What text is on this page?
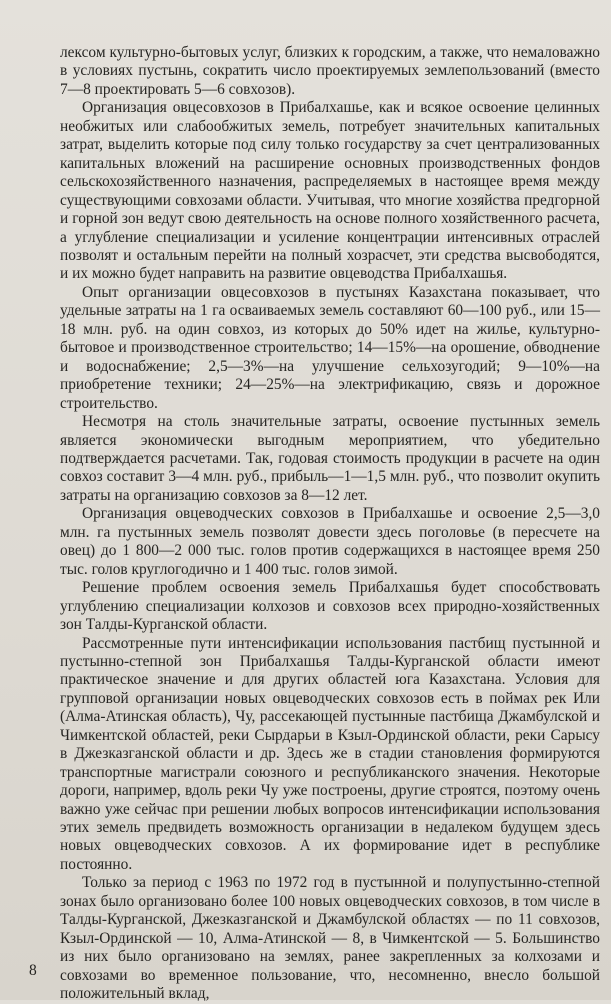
лексом культурно-бытовых услуг, близких к городским, а также, что немаловажно в условиях пустынь, сократить число проектируемых землепользований (вместо 7—8 проектировать 5—6 совхозов).

Организация овцесовхозов в Прибалхашье, как и всякое освоение целинных необжитых или слабообжитых земель, потребует значительных капитальных затрат, выделить которые под силу только государству за счет централизованных капитальных вложений на расширение основных производственных фондов сельскохозяйственного назначения, распределяемых в настоящее время между существующими совхозами области. Учитывая, что многие хозяйства предгорной и горной зон ведут свою деятельность на основе полного хозяйственного расчета, а углубление специализации и усиление концентрации интенсивных отраслей позволят и остальным перейти на полный хозрасчет, эти средства высвободятся, и их можно будет направить на развитие овцеводства Прибалхашья.

Опыт организации овцесовхозов в пустынях Казахстана показывает, что удельные затраты на 1 га осваиваемых земель составляют 60—100 руб., или 15—18 млн. руб. на один совхоз, из которых до 50% идет на жилье, культурно-бытовое и производственное строительство; 14—15%—на орошение, обводнение и водоснабжение; 2,5—3%—на улучшение сельхозугодий; 9—10%—на приобретение техники; 24—25%—на электрификацию, связь и дорожное строительство.

Несмотря на столь значительные затраты, освоение пустынных земель является экономически выгодным мероприятием, что убедительно подтверждается расчетами. Так, годовая стоимость продукции в расчете на один совхоз составит 3—4 млн. руб., прибыль—1—1,5 млн. руб., что позволит окупить затраты на организацию совхозов за 8—12 лет.

Организация овцеводческих совхозов в Прибалхашье и освоение 2,5—3,0 млн. га пустынных земель позволят довести здесь поголовье (в пересчете на овец) до 1 800—2 000 тыс. голов против содержащихся в настоящее время 250 тыс. голов круглогодично и 1 400 тыс. голов зимой.

Решение проблем освоения земель Прибалхашья будет способствовать углублению специализации колхозов и совхозов всех природно-хозяйственных зон Талды-Курганской области.

Рассмотренные пути интенсификации использования пастбищ пустынной и пустынно-степной зон Прибалхашья Талды-Курганской области имеют практическое значение и для других областей юга Казахстана. Условия для групповой организации новых овцеводческих совхозов есть в поймах рек Или (Алма-Атинская область), Чу, рассекающей пустынные пастбища Джамбулской и Чимкентской областей, реки Сырдарьи в Кзыл-Ординской области, реки Сарысу в Джезказганской области и др. Здесь же в стадии становления формируются транспортные магистрали союзного и республиканского значения. Некоторые дороги, например, вдоль реки Чу уже построены, другие строятся, поэтому очень важно уже сейчас при решении любых вопросов интенсификации использования этих земель предвидеть возможность организации в недалеком будущем здесь новых овцеводческих совхозов. А их формирование идет в республике постоянно.

Только за период с 1963 по 1972 год в пустынной и полупустынно-степной зонах было организовано более 100 новых овцеводческих совхозов, в том числе в Талды-Курганской, Джезказганской и Джамбулской областях — по 11 совхозов, Кзыл-Ординской — 10, Алма-Атинской — 8, в Чимкентской — 5. Большинство из них было организовано на землях, ранее закрепленных за колхозами и совхозами во временное пользование, что, несомненно, внесло большой положительный вклад,

8
